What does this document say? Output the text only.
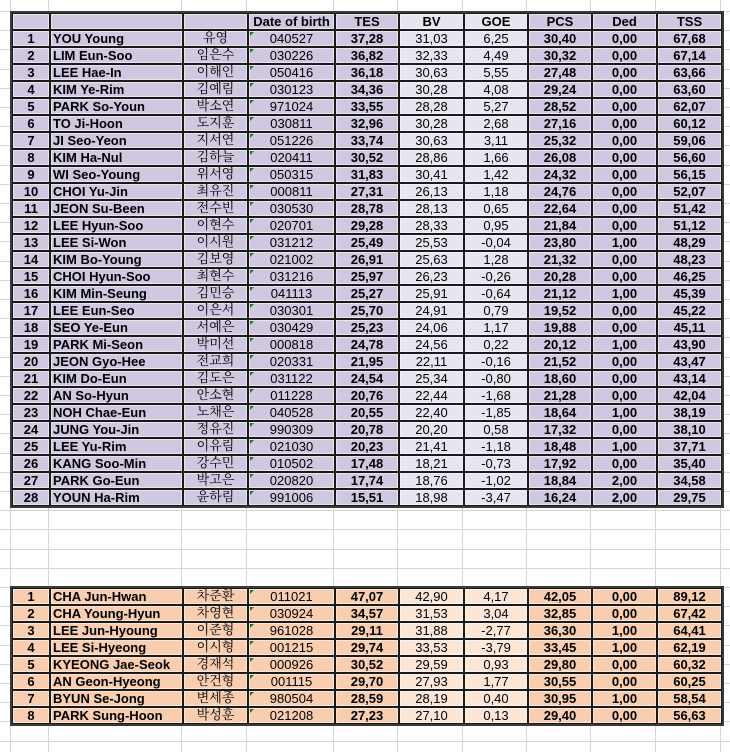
			Date of birth	TES	BV	GOE	PCS	Ded	TSS
1	YOU Young	유영	040527	37,28	31,03	6,25	30,40	0,00	67,68
2	LIM Eun-Soo	임은수	030226	36,82	32,33	4,49	30,32	0,00	67,14
3	LEE Hae-In	이해인	050416	36,18	30,63	5,55	27,48	0,00	63,66
4	KIM Ye-Rim	김예림	030123	34,36	30,28	4,08	29,24	0,00	63,60
5	PARK So-Youn	박소연	971024	33,55	28,28	5,27	28,52	0,00	62,07
6	TO Ji-Hoon	도지훈	030811	32,96	30,28	2,68	27,16	0,00	60,12
7	JI Seo-Yeon	지서연	051226	33,74	30,63	3,11	25,32	0,00	59,06
8	KIM Ha-Nul	김하늘	020411	30,52	28,86	1,66	26,08	0,00	56,60
9	WI Seo-Young	위서영	050315	31,83	30,41	1,42	24,32	0,00	56,15
10	CHOI Yu-Jin	최유진	000811	27,31	26,13	1,18	24,76	0,00	52,07
11	JEON Su-Been	전수빈	030530	28,78	28,13	0,65	22,64	0,00	51,42
12	LEE Hyun-Soo	이현수	020701	29,28	28,33	0,95	21,84	0,00	51,12
13	LEE Si-Won	이시원	031212	25,49	25,53	-0,04	23,80	1,00	48,29
14	KIM Bo-Young	김보영	021002	26,91	25,63	1,28	21,32	0,00	48,23
15	CHOI Hyun-Soo	최현수	031216	25,97	26,23	-0,26	20,28	0,00	46,25
16	KIM Min-Seung	김민승	041113	25,27	25,91	-0,64	21,12	1,00	45,39
17	LEE Eun-Seo	이은서	030301	25,70	24,91	0,79	19,52	0,00	45,22
18	SEO Ye-Eun	서예은	030429	25,23	24,06	1,17	19,88	0,00	45,11
19	PARK Mi-Seon	박미선	000818	24,78	24,56	0,22	20,12	1,00	43,90
20	JEON Gyo-Hee	전교희	020331	21,95	22,11	-0,16	21,52	0,00	43,47
21	KIM Do-Eun	김도은	031122	24,54	25,34	-0,80	18,60	0,00	43,14
22	AN So-Hyun	안소현	011228	20,76	22,44	-1,68	21,28	0,00	42,04
23	NOH Chae-Eun	노채은	040528	20,55	22,40	-1,85	18,64	1,00	38,19
24	JUNG You-Jin	정유진	990309	20,78	20,20	0,58	17,32	0,00	38,10
25	LEE Yu-Rim	이유림	021030	20,23	21,41	-1,18	18,48	1,00	37,71
26	KANG Soo-Min	강수민	010502	17,48	18,21	-0,73	17,92	0,00	35,40
27	PARK Go-Eun	박고은	020820	17,74	18,76	-1,02	18,84	2,00	34,58
28	YOUN Ha-Rim	윤하림	991006	15,51	18,98	-3,47	16,24	2,00	29,75
1	CHA Jun-Hwan	차준환	011021	47,07	42,90	4,17	42,05	0,00	89,12
2	CHA Young-Hyun	차영현	030924	34,57	31,53	3,04	32,85	0,00	67,42
3	LEE Jun-Hyoung	이준형	961028	29,11	31,88	-2,77	36,30	1,00	64,41
4	LEE Si-Hyeong	이시형	001215	29,74	33,53	-3,79	33,45	1,00	62,19
5	KYEONG Jae-Seok	경재석	000926	30,52	29,59	0,93	29,80	0,00	60,32
6	AN Geon-Hyeong	안건형	001115	29,70	27,93	1,77	30,55	0,00	60,25
7	BYUN Se-Jong	변세종	980504	28,59	28,19	0,40	30,95	1,00	58,54
8	PARK Sung-Hoon	박성훈	021208	27,23	27,10	0,13	29,40	0,00	56,63
